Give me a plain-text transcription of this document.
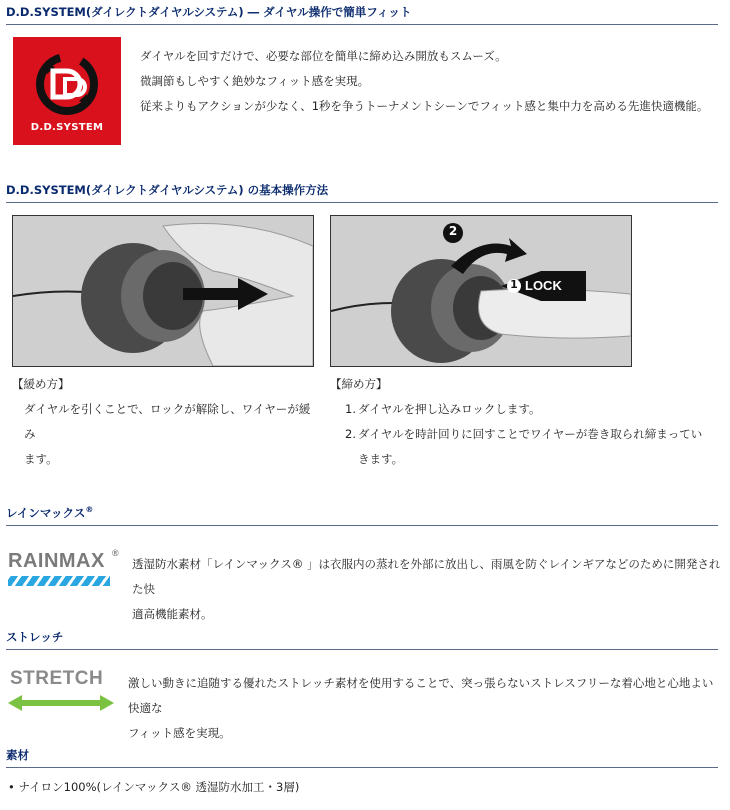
D.D.SYSTEM(ダイレクトダイヤルシステム) ― ダイヤル操作で簡単フィット
D.D.SYSTEM

ダイヤルを回すだけで、必要な部位を簡単に締め込み開放もスムーズ。

微調節もしやすく絶妙なフィット感を実現。

従来よりもアクションが少なく、1秒を争うトーナメントシーンでフィット感と集中力を高める先進快適機能。

D.D.SYSTEM(ダイレクトダイヤルシステム) の基本操作方法
2
1 LOCK

【緩め方】

ダイヤルを引くことで、ロックが解除し、ワイヤーが緩み

ます。

【締め方】

1. ダイヤルを押し込みロックします。
2. ダイヤルを時計回りに回すことでワイヤーが巻き取られ締まってい
きます。
レインマックス®
RAINMAX ®

透湿防水素材「レインマックス® 」は衣服内の蒸れを外部に放出し、雨風を防ぐレインギアなどのために開発された快

適高機能素材。

ストレッチ
STRETCH 激しい動きに追随する優れたストレッチ素材を使用することで、突っ張らないストレスフリーな着心地と心地よい快適な

フィット感を実現。

素材
• ナイロン100%(レインマックス® 透湿防水加工・3層)
